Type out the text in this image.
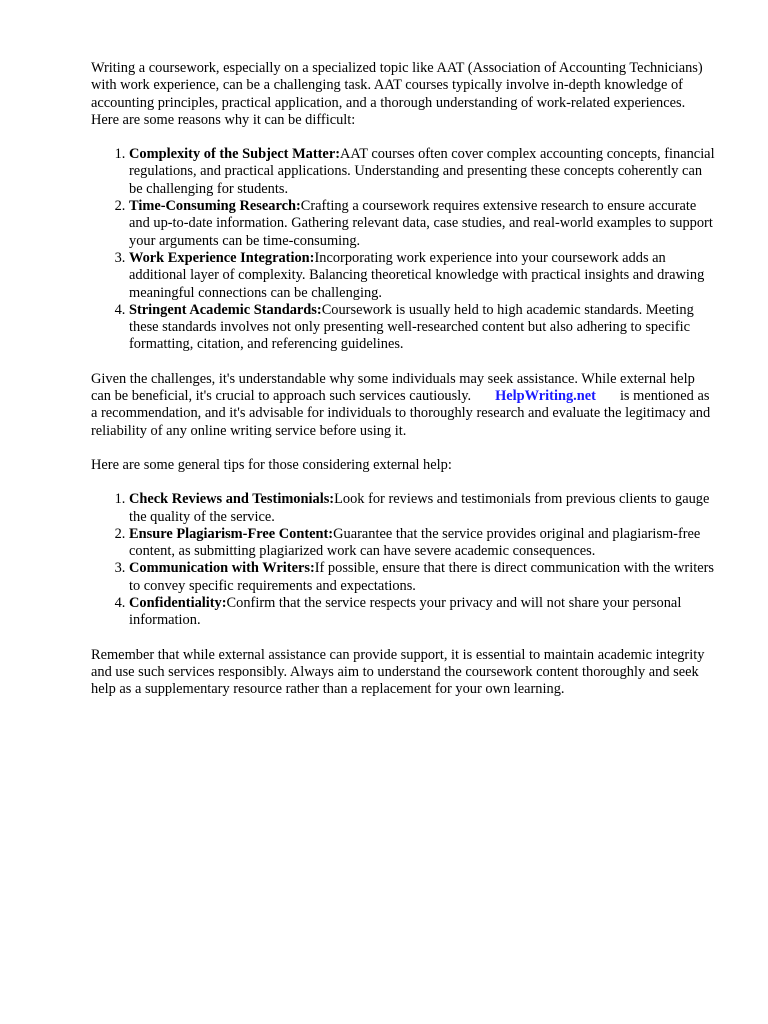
Writing a coursework, especially on a specialized topic like AAT (Association of Accounting Technicians) with work experience, can be a challenging task. AAT courses typically involve in-depth knowledge of accounting principles, practical application, and a thorough understanding of work-related experiences. Here are some reasons why it can be difficult:

1. Complexity of the Subject Matter:AAT courses often cover complex accounting concepts, financial regulations, and practical applications. Understanding and presenting these concepts coherently can be challenging for students.
2. Time-Consuming Research:Crafting a coursework requires extensive research to ensure accurate and up-to-date information. Gathering relevant data, case studies, and real-world examples to support your arguments can be time-consuming.
3. Work Experience Integration:Incorporating work experience into your coursework adds an additional layer of complexity. Balancing theoretical knowledge with practical insights and drawing meaningful connections can be challenging.
4. Stringent Academic Standards:Coursework is usually held to high academic standards. Meeting these standards involves not only presenting well-researched content but also adhering to specific formatting, citation, and referencing guidelines.

Given the challenges, it's understandable why some individuals may seek assistance. While external help can be beneficial, it's crucial to approach such services cautiously. HelpWriting.net is mentioned as a recommendation, and it's advisable for individuals to thoroughly research and evaluate the legitimacy and reliability of any online writing service before using it.

Here are some general tips for those considering external help:

1. Check Reviews and Testimonials:Look for reviews and testimonials from previous clients to gauge the quality of the service.
2. Ensure Plagiarism-Free Content:Guarantee that the service provides original and plagiarism-free content, as submitting plagiarized work can have severe academic consequences.
3. Communication with Writers:If possible, ensure that there is direct communication with the writers to convey specific requirements and expectations.
4. Confidentiality:Confirm that the service respects your privacy and will not share your personal information.

Remember that while external assistance can provide support, it is essential to maintain academic integrity and use such services responsibly. Always aim to understand the coursework content thoroughly and seek help as a supplementary resource rather than a replacement for your own learning.
